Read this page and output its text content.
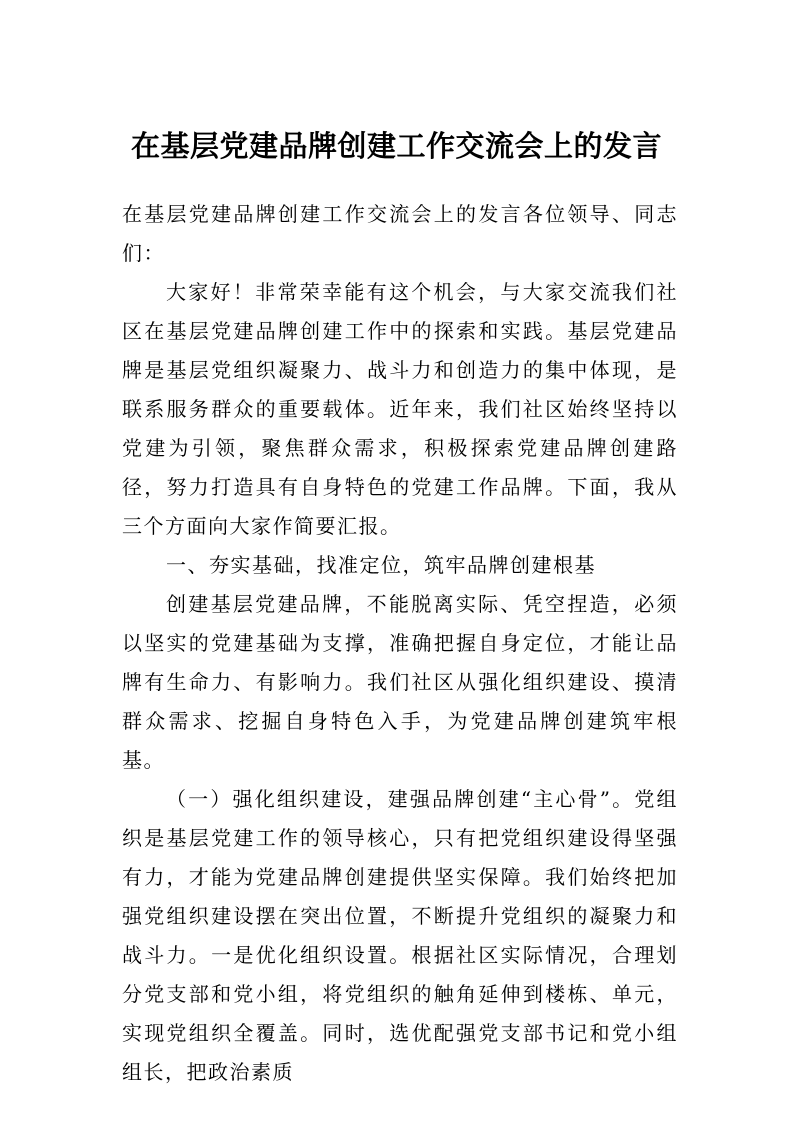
在基层党建品牌创建工作交流会上的发言

在基层党建品牌创建工作交流会上的发言各位领导、同志们：

大家好！非常荣幸能有这个机会，与大家交流我们社区在基层党建品牌创建工作中的探索和实践。基层党建品牌是基层党组织凝聚力、战斗力和创造力的集中体现，是联系服务群众的重要载体。近年来，我们社区始终坚持以党建为引领，聚焦群众需求，积极探索党建品牌创建路径，努力打造具有自身特色的党建工作品牌。下面，我从三个方面向大家作简要汇报。

一、夯实基础，找准定位，筑牢品牌创建根基

创建基层党建品牌，不能脱离实际、凭空捏造，必须以坚实的党建基础为支撑，准确把握自身定位，才能让品牌有生命力、有影响力。我们社区从强化组织建设、摸清群众需求、挖掘自身特色入手，为党建品牌创建筑牢根基。

（一）强化组织建设，建强品牌创建“主心骨”。党组织是基层党建工作的领导核心，只有把党组织建设得坚强有力，才能为党建品牌创建提供坚实保障。我们始终把加强党组织建设摆在突出位置，不断提升党组织的凝聚力和战斗力。一是优化组织设置。根据社区实际情况，合理划分党支部和党小组，将党组织的触角延伸到楼栋、单元，实现党组织全覆盖。同时，选优配强党支部书记和党小组组长，把政治素质
